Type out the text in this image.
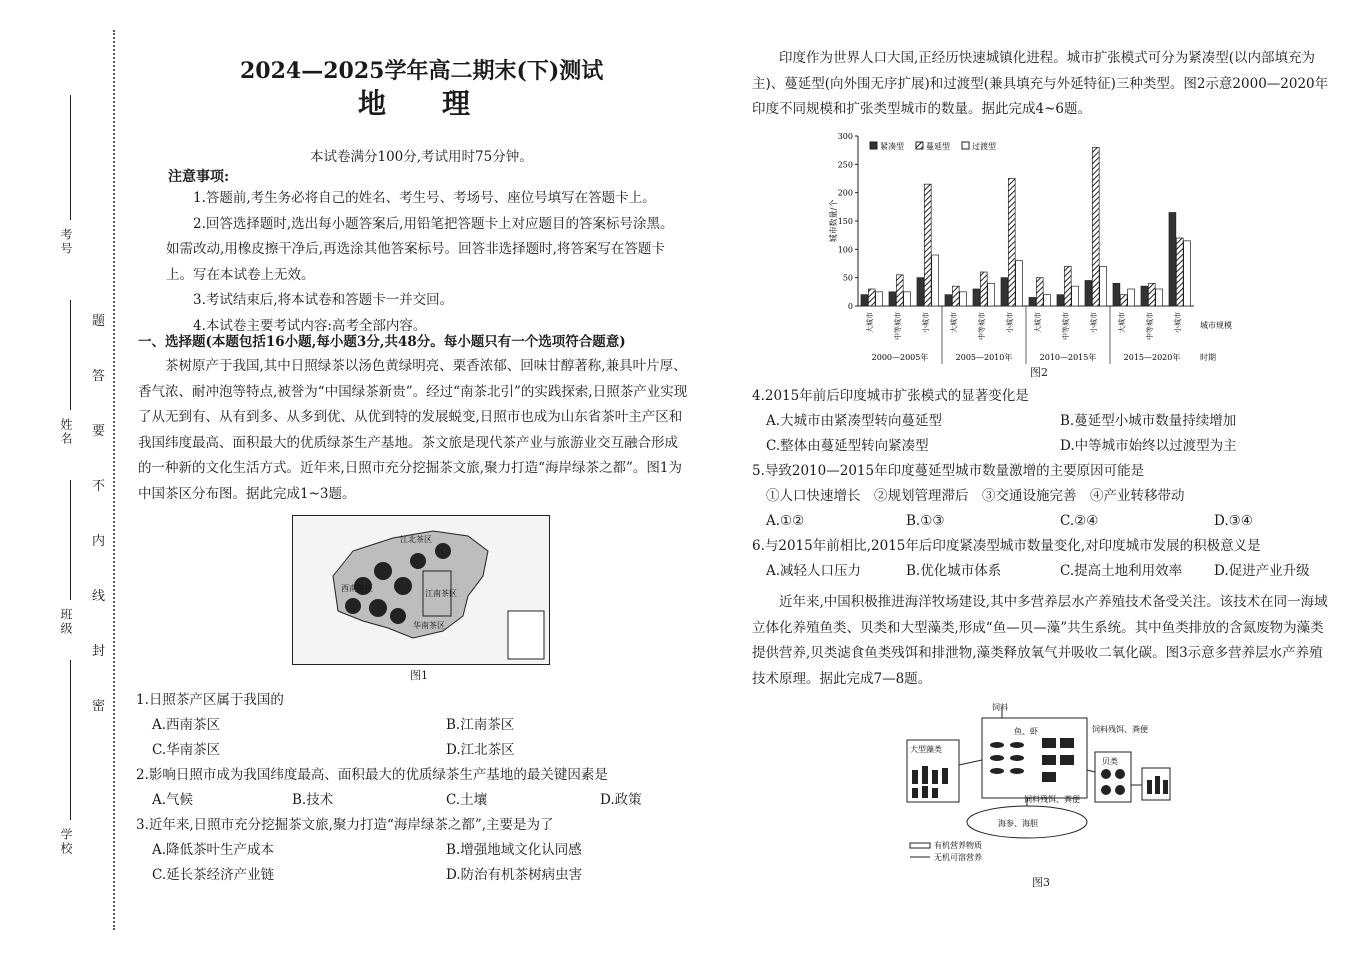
考号
姓名
班级
学校
题
答
要
不
内
线
封
密
2024—2025学年高二期末(下)测试
地　　理
本试卷满分100分,考试用时75分钟。
注意事项:

1.答题前,考生务必将自己的姓名、考生号、考场号、座位号填写在答题卡上。

2.回答选择题时,选出每小题答案后,用铅笔把答题卡上对应题目的答案标号涂黑。如需改动,用橡皮擦干净后,再选涂其他答案标号。回答非选择题时,将答案写在答题卡上。写在本试卷上无效。

3.考试结束后,将本试卷和答题卡一并交回。

4.本试卷主要考试内容:高考全部内容。

一、选择题(本题包括16小题,每小题3分,共48分。每小题只有一个选项符合题意)

茶树原产于我国,其中日照绿茶以汤色黄绿明亮、栗香浓郁、回味甘醇著称,兼具叶片厚、香气浓、耐冲泡等特点,被誉为“中国绿茶新贵”。经过“南茶北引”的实践探索,日照茶产业实现了从无到有、从有到多、从多到优、从优到特的发展蜕变,日照市也成为山东省茶叶主产区和我国纬度最高、面积最大的优质绿茶生产基地。茶文旅是现代茶产业与旅游业交互融合形成的一种新的文化生活方式。近年来,日照市充分挖掘茶文旅,聚力打造“海岸绿茶之都”。图1为中国茶区分布图。据此完成1~3题。

江北茶区
西南茶区
江南茶区
华南茶区
图1

1.日照茶产区属于我国的

A.西南茶区	B.江南茶区
C.华南茶区	D.江北茶区

2.影响日照市成为我国纬度最高、面积最大的优质绿茶生产基地的最关键因素是

A.气候	B.技术	C.土壤	D.政策

3.近年来,日照市充分挖掘茶文旅,聚力打造“海岸绿茶之都”,主要是为了

A.降低茶叶生产成本	B.增强地域文化认同感
C.延长茶经济产业链	D.防治有机茶树病虫害

印度作为世界人口大国,正经历快速城镇化进程。城市扩张模式可分为紧凑型(以内部填充为主)、蔓延型(向外围无序扩展)和过渡型(兼具填充与外延特征)三种类型。图2示意2000—2020年印度不同规模和扩张类型城市的数量。据此完成4~6题。

0
50
100
150
200
250
300
城市数量/个
紧凑型	蔓延型	过渡型
大城市	中等城市	小城市
2000—2005年
大城市	中等城市	小城市
2005—2010年
大城市	中等城市	小城市
2010—2015年
大城市	中等城市	小城市
2015—2020年
城市规模
时期
图2

4.2015年前后印度城市扩张模式的显著变化是

A.大城市由紧凑型转向蔓延型	B.蔓延型小城市数量持续增加
C.整体由蔓延型转向紧凑型	D.中等城市始终以过渡型为主

5.导致2010—2015年印度蔓延型城市数量激增的主要原因可能是

①人口快速增长　②规划管理滞后　③交通设施完善　④产业转移带动

A.①②	B.①③	C.②④	D.③④

6.与2015年前相比,2015年后印度紧凑型城市数量变化,对印度城市发展的积极意义是

A.减轻人口压力	B.优化城市体系	C.提高土地利用效率	D.促进产业升级

近年来,中国积极推进海洋牧场建设,其中多营养层水产养殖技术备受关注。该技术在同一海域立体化养殖鱼类、贝类和大型藻类,形成“鱼—贝—藻”共生系统。其中鱼类排放的含氮废物为藻类提供营养,贝类滤食鱼类残饵和排泄物,藻类释放氧气并吸收二氧化碳。图3示意多营养层水产养殖技术原理。据此完成7—8题。

饲料
鱼、虾	饲料残饵、粪便
大型藻类
贝类
饲料残饵、粪便
海参、海胆
有机营养物质
无机可溶营养
图3
